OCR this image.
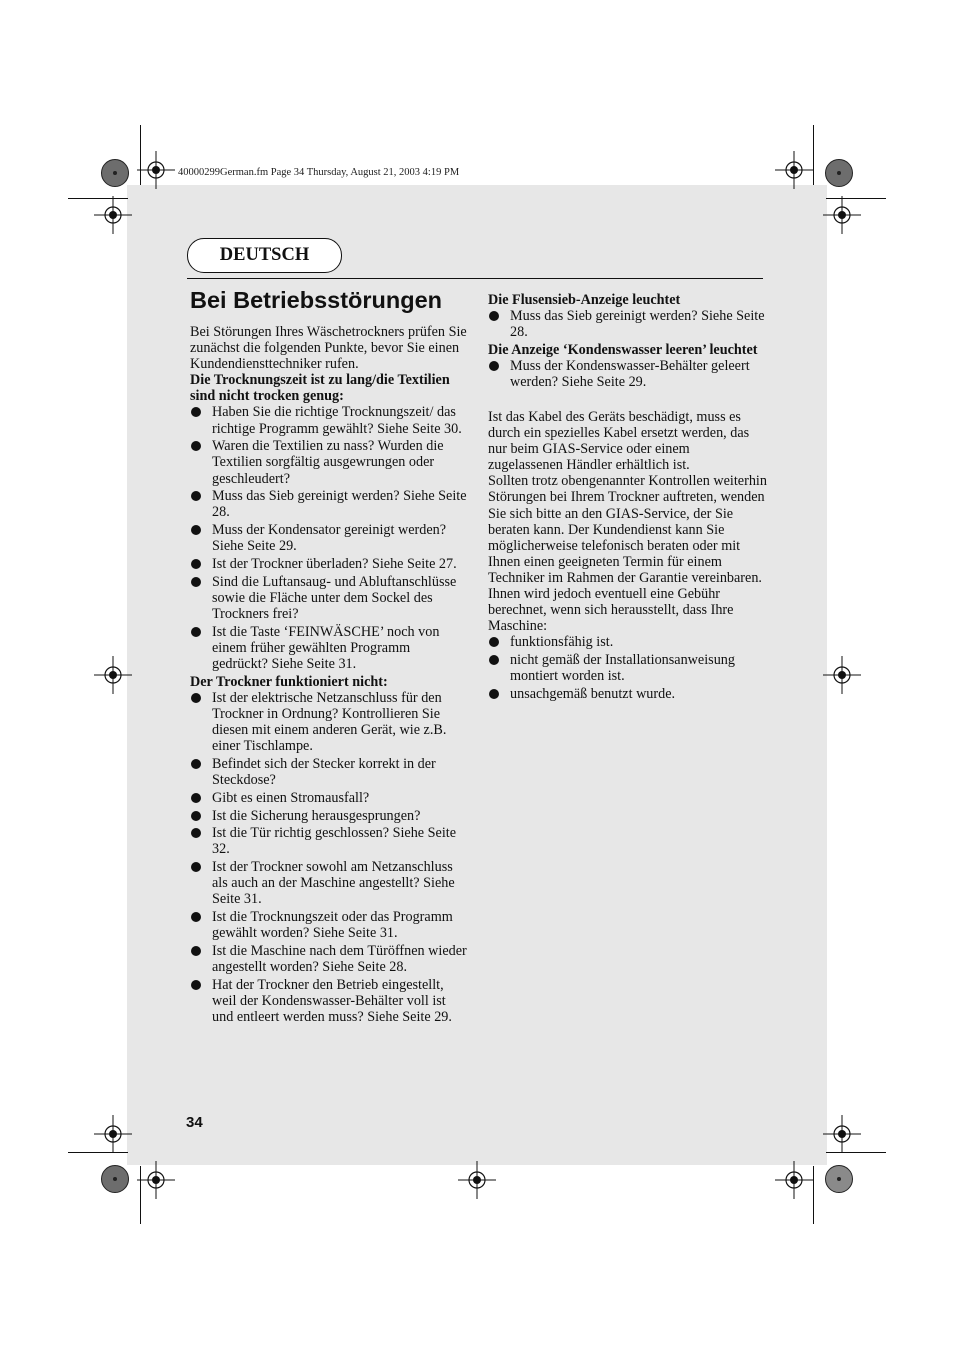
40000299German.fm Page 34 Thursday, August 21, 2003 4:19 PM
DEUTSCH
Bei Betriebsstörungen

Bei Störungen Ihres Wäschetrockners prüfen Sie zunächst die folgenden Punkte, bevor Sie einen Kundendiensttechniker rufen.

Die Trocknungszeit ist zu lang/die Textilien sind nicht trocken genug:

Haben Sie die richtige Trocknungszeit/ das richtige Programm gewählt? Siehe Seite 30.
Waren die Textilien zu nass? Wurden die Textilien sorgfältig ausgewrungen oder geschleudert?
Muss das Sieb gereinigt werden? Siehe Seite 28.
Muss der Kondensator gereinigt werden? Siehe Seite 29.
Ist der Trockner überladen? Siehe Seite 27.
Sind die Luftansaug- und Abluftanschlüsse sowie die Fläche unter dem Sockel des Trockners frei?
Ist die Taste ‘FEINWÄSCHE’ noch von einem früher gewählten Programm gedrückt? Siehe Seite 31.

Der Trockner funktioniert nicht:

Ist der elektrische Netzanschluss für den Trockner in Ordnung? Kontrollieren Sie diesen mit einem anderen Gerät, wie z.B. einer Tischlampe.
Befindet sich der Stecker korrekt in der Steckdose?
Gibt es einen Stromausfall?
Ist die Sicherung herausgesprungen?
Ist die Tür richtig geschlossen? Siehe Seite 32.
Ist der Trockner sowohl am Netzanschluss als auch an der Maschine angestellt? Siehe Seite 31.
Ist die Trocknungszeit oder das Programm gewählt worden? Siehe Seite 31.
Ist die Maschine nach dem Türöffnen wieder angestellt worden? Siehe Seite 28.
Hat der Trockner den Betrieb eingestellt, weil der Kondenswasser-Behälter voll ist und entleert werden muss? Siehe Seite 29.

Die Flusensieb-Anzeige leuchtet

Muss das Sieb gereinigt werden? Siehe Seite 28.

Die Anzeige ‘Kondenswasser leeren’ leuchtet

Muss der Kondenswasser-Behälter geleert werden? Siehe Seite 29.

Ist das Kabel des Geräts beschädigt, muss es durch ein spezielles Kabel ersetzt werden, das nur beim GIAS-Service oder einem zugelassenen Händler erhältlich ist.

Sollten trotz obengenannter Kontrollen weiterhin Störungen bei Ihrem Trockner auftreten, wenden Sie sich bitte an den GIAS-Service, der Sie beraten kann. Der Kundendienst kann Sie möglicherweise telefonisch beraten oder mit Ihnen einen geeigneten Termin für einem Techniker im Rahmen der Garantie vereinbaren. Ihnen wird jedoch eventuell eine Gebühr berechnet, wenn sich herausstellt, dass Ihre Maschine:

funktionsfähig ist.
nicht gemäß der Installationsanweisung montiert worden ist.
unsachgemäß benutzt wurde.
34
